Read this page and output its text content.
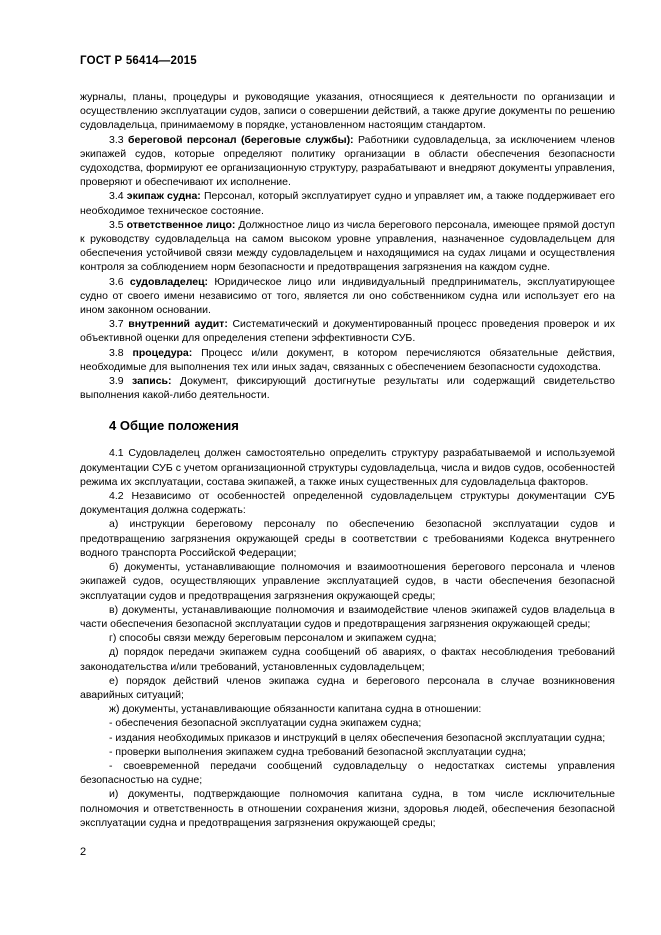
ГОСТ Р 56414—2015

журналы, планы, процедуры и руководящие указания, относящиеся к деятельности по организации и осуществлению эксплуатации судов, записи о совершении действий, а также другие документы по решению судовладельца, принимаемому в порядке, установленном настоящим стандартом.

3.3 береговой персонал (береговые службы): Работники судовладельца, за исключением членов экипажей судов, которые определяют политику организации в области обеспечения безопасности судоходства, формируют ее организационную структуру, разрабатывают и внедряют документы управления, проверяют и обеспечивают их исполнение.

3.4 экипаж судна: Персонал, который эксплуатирует судно и управляет им, а также поддерживает его необходимое техническое состояние.

3.5 ответственное лицо: Должностное лицо из числа берегового персонала, имеющее прямой доступ к руководству судовладельца на самом высоком уровне управления, назначенное судовладельцем для обеспечения устойчивой связи между судовладельцем и находящимися на судах лицами и осуществления контроля за соблюдением норм безопасности и предотвращения загрязнения на каждом судне.

3.6 судовладелец: Юридическое лицо или индивидуальный предприниматель, эксплуатирующее судно от своего имени независимо от того, является ли оно собственником судна или использует его на ином законном основании.

3.7 внутренний аудит: Систематический и документированный процесс проведения проверок и их объективной оценки для определения степени эффективности СУБ.

3.8 процедура: Процесс и/или документ, в котором перечисляются обязательные действия, необходимые для выполнения тех или иных задач, связанных с обеспечением безопасности судоходства.

3.9 запись: Документ, фиксирующий достигнутые результаты или содержащий свидетельство выполнения какой-либо деятельности.

4 Общие положения

4.1 Судовладелец должен самостоятельно определить структуру разрабатываемой и используемой документации СУБ с учетом организационной структуры судовладельца, числа и видов судов, особенностей режима их эксплуатации, состава экипажей, а также иных существенных для судовладельца факторов.

4.2 Независимо от особенностей определенной судовладельцем структуры документации СУБ документация должна содержать:

а) инструкции береговому персоналу по обеспечению безопасной эксплуатации судов и предотвращению загрязнения окружающей среды в соответствии с требованиями Кодекса внутреннего водного транспорта Российской Федерации;

б) документы, устанавливающие полномочия и взаимоотношения берегового персонала и членов экипажей судов, осуществляющих управление эксплуатацией судов, в части обеспечения безопасной эксплуатации судов и предотвращения загрязнения окружающей среды;

в) документы, устанавливающие полномочия и взаимодействие членов экипажей судов владельца в части обеспечения безопасной эксплуатации судов и предотвращения загрязнения окружающей среды;

г) способы связи между береговым персоналом и экипажем судна;

д) порядок передачи экипажем судна сообщений об авариях, о фактах несоблюдения требований законодательства и/или требований, установленных судовладельцем;

е) порядок действий членов экипажа судна и берегового персонала в случае возникновения аварийных ситуаций;

ж) документы, устанавливающие обязанности капитана судна в отношении:

- обеспечения безопасной эксплуатации судна экипажем судна;

- издания необходимых приказов и инструкций в целях обеспечения безопасной эксплуатации судна;

- проверки выполнения экипажем судна требований безопасной эксплуатации судна;

- своевременной передачи сообщений судовладельцу о недостатках системы управления безопасностью на судне;

и) документы, подтверждающие полномочия капитана судна, в том числе исключительные полномочия и ответственность в отношении сохранения жизни, здоровья людей, обеспечения безопасной эксплуатации судна и предотвращения загрязнения окружающей среды;

2
